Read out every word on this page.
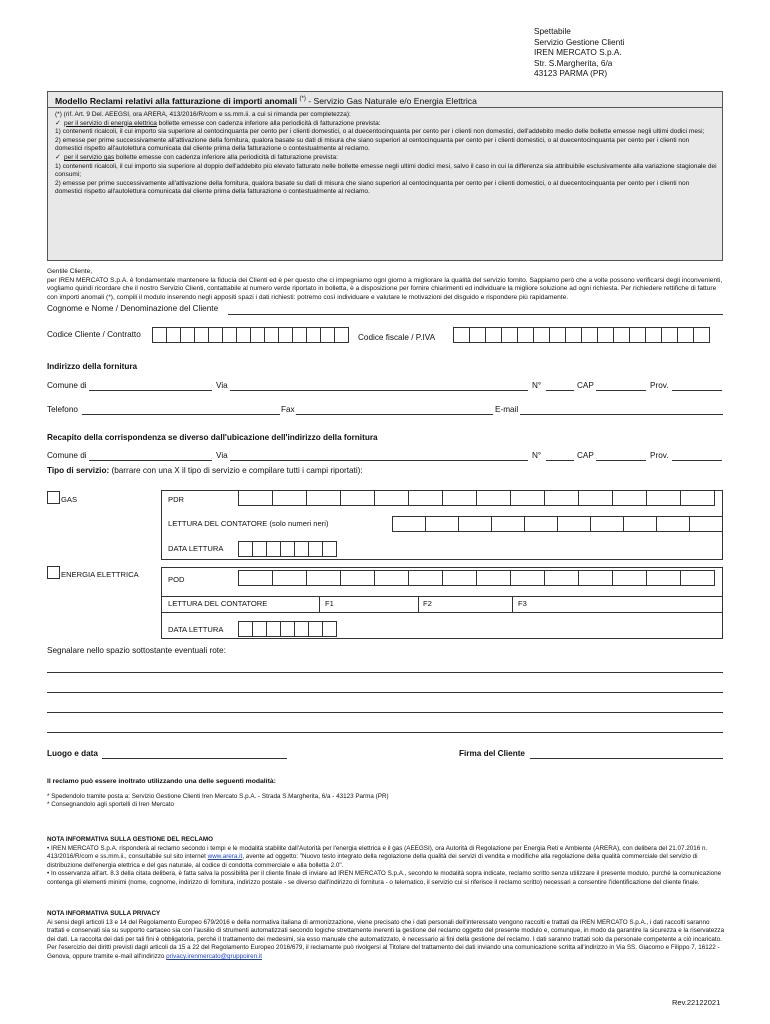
Spettabile
Servizio Gestione Clienti
IREN MERCATO S.p.A.
Str. S.Margherita, 6/a
43123 PARMA (PR)
Modello Reclami relativi alla fatturazione di importi anomali (*) - Servizio Gas Naturale e/o Energia Elettrica

(*) (rif. Art. 9 Del. AEEGSI, ora ARERA, 413/2016/R/com e ss.mm.ii. a cui si rimanda per completezza):

✓ per il servizio di energia elettrica bollette emesse con cadenza inferiore alla periodicità di fatturazione prevista:

1) contenenti ricalcoli, il cui importo sia superiore al centocinquanta per cento per i clienti domestici, o al duecentocinquanta per cento per i clienti non domestici, dell'addebito medio delle bollette emesse negli ultimi dodici mesi;

2) emesse per prime successivamente all'attivazione della fornitura, qualora basate su dati di misura che siano superiori al centocinquanta per cento per i clienti domestici, o al duecentocinquanta per cento per i clienti non domestici rispetto all'autolettura comunicata dal cliente prima della fatturazione o contestualmente al reclamo.

✓ per il servizio gas bollette emesse con cadenza inferiore alla periodicità di fatturazione prevista:

1) contenenti ricalcoli, il cui importo sia superiore al doppio dell'addebito più elevato fatturato nelle bollette emesse negli ultimi dodici mesi, salvo il caso in cui la differenza sia attribuibile esclusivamente alla variazione stagionale dei consumi;

2) emesse per prime successivamente all'attivazione della fornitura, qualora basate su dati di misura che siano superiori al centocinquanta per cento per i clienti domestici, o al duecentocinquanta per cento per i clienti non domestici rispetto all'autolettura comunicata dal cliente prima della fatturazione o contestualmente al reclamo.

Gentile Cliente,

per IREN MERCATO S.p.A. è fondamentale mantenere la fiducia dei Clienti ed è per questo che ci impegniamo ogni giorno a migliorare la qualità del servizio fornito. Sappiamo però che a volte possono verificarsi degli inconvenienti, vogliamo quindi ricordare che il nostro Servizio Clienti, contattabile al numero verde riportato in bolletta, è a disposizione per fornire chiarimenti ed individuare la migliore soluzione ad ogni richiesta. Per richiedere rettifiche di fatture con importi anomali (*), compili il modulo inserendo negli appositi spazi i dati richiesti: potremo così individuare e valutare le motivazioni del disguido e rispondere più rapidamente.

Cognome e Nome / Denominazione del Cliente
Codice Cliente / Contratto	Codice fiscale / P.IVA
Indirizzo della fornitura
Comune di	Via	N°	CAP	Prov.
Telefono	Fax	E-mail
Recapito della corrispondenza se diverso dall'ubicazione dell'indirizzo della fornitura
Comune di	Via	N°	CAP	Prov.
Tipo di servizio: (barrare con una X il tipo di servizio e compilare tutti i campi riportati):
GAS	PDR
LETTURA DEL CONTATORE (solo numeri neri)
DATA LETTURA
ENERGIA ELETTRICA
POD
LETTURA DEL CONTATORE	F1	F2	F3
DATA LETTURA
Segnalare nello spazio sottostante eventuali rote:
Luogo e data	Firma del Cliente

Il reclamo può essere inoltrato utilizzando una delle seguenti modalità:

* Spedendolo tramite posta a: Servizio Gestione Clienti Iren Mercato S.p.A. - Strada S.Margherita, 6/a - 43123 Parma (PR)

* Consegnandolo agli sportelli di Iren Mercato

NOTA INFORMATIVA SULLA GESTIONE DEL RECLAMO

• IREN MERCATO S.p.A. risponderà al reclamo secondo i tempi e le modalità stabilite dall'Autorità per l'energia elettrica e il gas (AEEGSI), ora Autorità di Regolazione per Energia Reti e Ambiente (ARERA), con delibera del 21.07.2016 n. 413/2016/R/com e ss.mm.ii., consultabile sul sito internet www.arera.it, avente ad oggetto: "Nuovo testo integrato della regolazione della qualità dei servizi di vendita e modifiche alla regolazione della qualità commerciale del servizio di distribuzione dell'energia elettrica e del gas naturale, al codice di condotta commerciale e alla bolletta 2.0".

• In osservanza all'art. 8.3 della citata delibera, è fatta salva la possibilità per il cliente finale di inviare ad IREN MERCATO S.p.A., secondo le modalità sopra indicate, reclamo scritto senza utilizzare il presente modulo, purché la comunicazione contenga gli elementi minimi (nome, cognome, indirizzo di fornitura, indirizzo postale - se diverso dall'indirizzo di fornitura - o telematico, il servizio cui si riferisce il reclamo scritto) necessari a consentire l'identificazione del cliente finale.

NOTA INFORMATIVA SULLA PRIVACY

Ai sensi degli articoli 13 e 14 del Regolamento Europeo 679/2016 e della normativa italiana di armonizzazione, viene precisato che i dati personali dell'interessato vengono raccolti e trattati da IREN MERCATO S.p.A., i dati raccolti saranno trattati e conservati sia su supporto cartaceo sia con l'ausilio di strumenti automatizzati secondo logiche strettamente inerenti la gestione del reclamo oggetto del presente modulo e, comunque, in modo da garantire la sicurezza e la riservatezza dei dati. La raccolta dei dati per tali fini è obbligatoria, perché il trattamento dei medesimi, sia esso manuale che automatizzato, è necessario ai fini della gestione del reclamo. I dati saranno trattati solo da personale competente a ciò incaricato. Per l'esercizio dei diritti previsti dagli articoli da 15 a 22 del Regolamento Europeo 2016/679, il reclamante può rivolgersi al Titolare del trattamento dei dati inviando una comunicazione scritta all'indirizzo in Via SS. Giacomo e Filippo 7, 16122 - Genova, oppure tramite e-mail all'indirizzo privacy.irenmercato@gruppoiren.it

Rev.22122021
